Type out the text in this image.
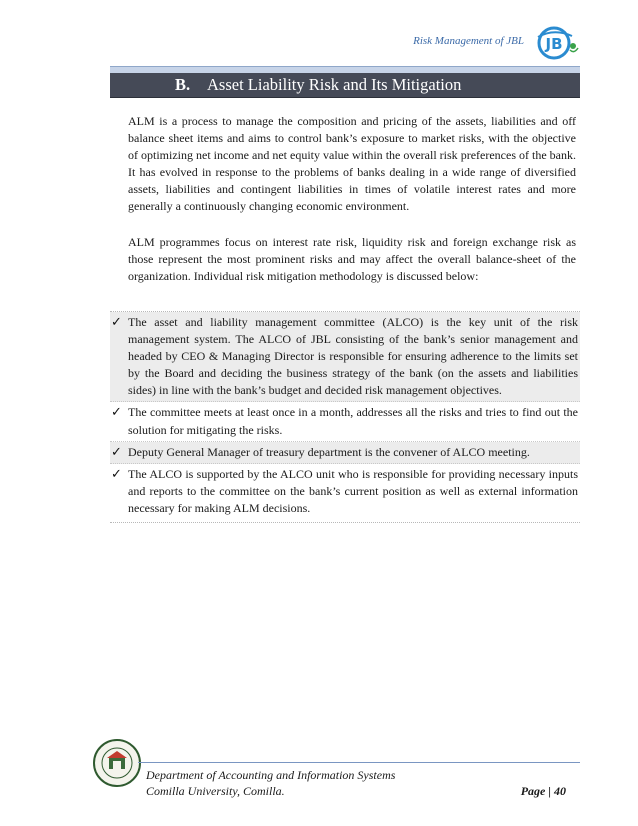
Risk Management of JBL JB
B. Asset Liability Risk and Its Mitigation

ALM is a process to manage the composition and pricing of the assets, liabilities and off balance sheet items and aims to control bank’s exposure to market risks, with the objective of optimizing net income and net equity value within the overall risk preferences of the bank. It has evolved in response to the problems of banks dealing in a wide range of diversified assets, liabilities and contingent liabilities in times of volatile interest rates and more generally a continuously changing economic environment.

ALM programmes focus on interest rate risk, liquidity risk and foreign exchange risk as those represent the most prominent risks and may affect the overall balance-sheet of the organization. Individual risk mitigation methodology is discussed below:

✓ The asset and liability management committee (ALCO) is the key unit of the risk management system. The ALCO of JBL consisting of the bank’s senior management and headed by CEO & Managing Director is responsible for ensuring adherence to the limits set by the Board and deciding the business strategy of the bank (on the assets and liabilities sides) in line with the bank’s budget and decided risk management objectives.
✓ The committee meets at least once in a month, addresses all the risks and tries to find out the solution for mitigating the risks.
✓ Deputy General Manager of treasury department is the convener of ALCO meeting.
✓ The ALCO is supported by the ALCO unit who is responsible for providing necessary inputs and reports to the committee on the bank’s current position as well as external information necessary for making ALM decisions.
Department of Accounting and Information Systems
Comilla University, Comilla.	Page | 40
